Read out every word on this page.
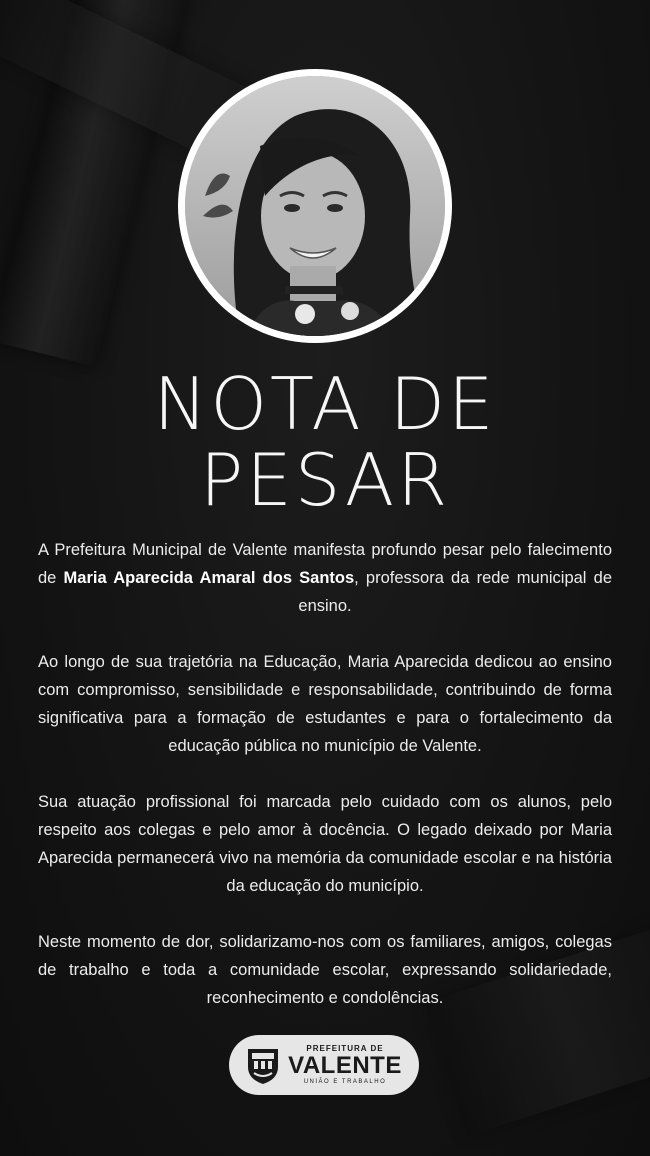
NOTA DE
PESAR

A Prefeitura Municipal de Valente manifesta profundo pesar pelo falecimento de Maria Aparecida Amaral dos Santos, professora da rede municipal de ensino.

Ao longo de sua trajetória na Educação, Maria Aparecida dedicou ao ensino com compromisso, sensibilidade e responsabilidade, contribuindo de forma significativa para a formação de estudantes e para o fortalecimento da educação pública no município de Valente.

Sua atuação profissional foi marcada pelo cuidado com os alunos, pelo respeito aos colegas e pelo amor à docência. O legado deixado por Maria Aparecida permanecerá vivo na memória da comunidade escolar e na história da educação do município.

Neste momento de dor, solidarizamo-nos com os familiares, amigos, colegas de trabalho e toda a comunidade escolar, expressando solidariedade, reconhecimento e condolências.

PREFEITURA DE
VALENTE
UNIÃO E TRABALHO
